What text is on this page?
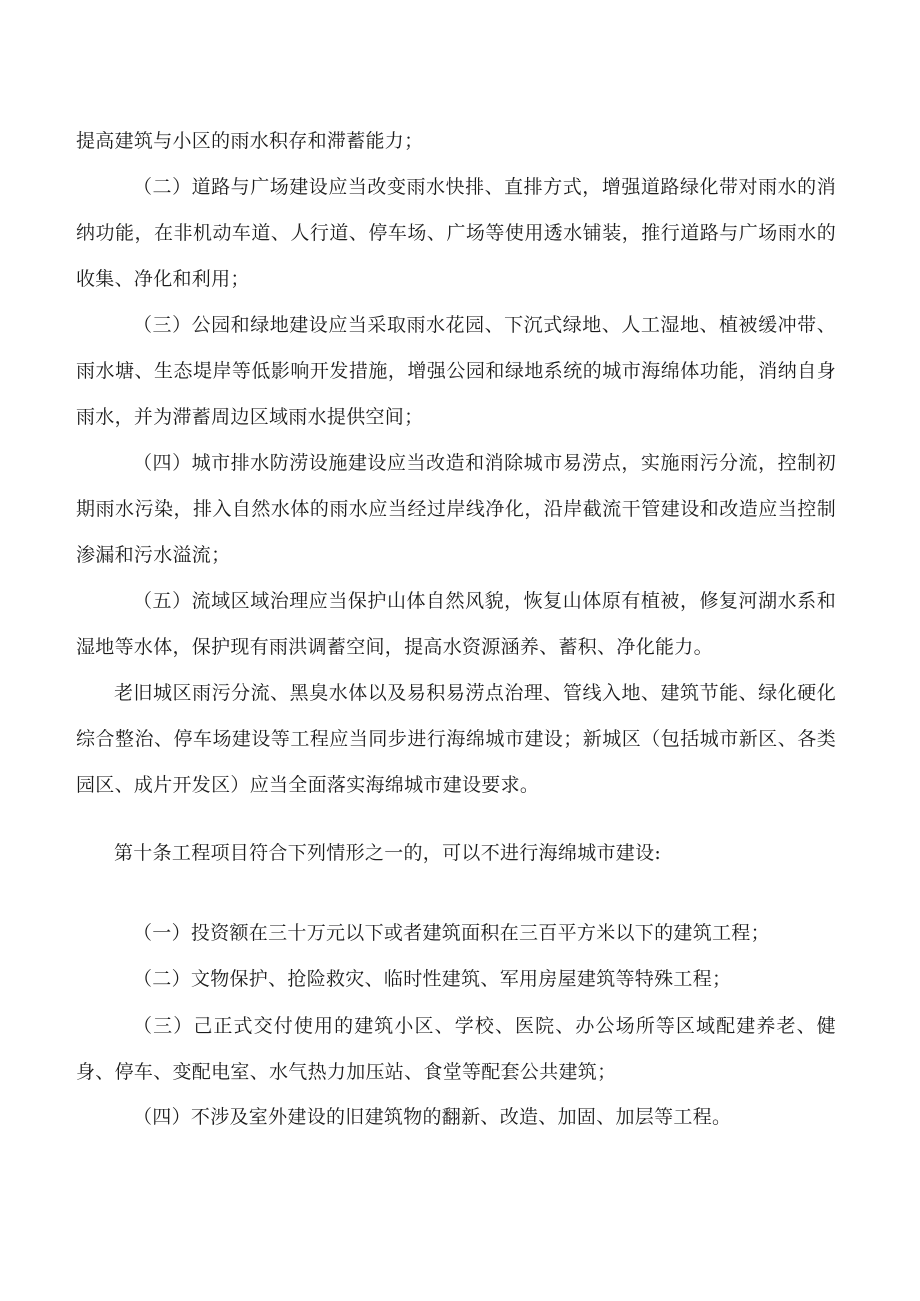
提高建筑与小区的雨水积存和滞蓄能力；

（二）道路与广场建设应当改变雨水快排、直排方式，增强道路绿化带对雨水的消纳功能，在非机动车道、人行道、停车场、广场等使用透水铺装，推行道路与广场雨水的收集、净化和利用；

（三）公园和绿地建设应当采取雨水花园、下沉式绿地、人工湿地、植被缓冲带、雨水塘、生态堤岸等低影响开发措施，增强公园和绿地系统的城市海绵体功能，消纳自身雨水，并为滞蓄周边区域雨水提供空间；

（四）城市排水防涝设施建设应当改造和消除城市易涝点，实施雨污分流，控制初期雨水污染，排入自然水体的雨水应当经过岸线净化，沿岸截流干管建设和改造应当控制渗漏和污水溢流；

（五）流域区域治理应当保护山体自然风貌，恢复山体原有植被，修复河湖水系和湿地等水体，保护现有雨洪调蓄空间，提高水资源涵养、蓄积、净化能力。

老旧城区雨污分流、黑臭水体以及易积易涝点治理、管线入地、建筑节能、绿化硬化综合整治、停车场建设等工程应当同步进行海绵城市建设；新城区（包括城市新区、各类园区、成片开发区）应当全面落实海绵城市建设要求。

第十条工程项目符合下列情形之一的，可以不进行海绵城市建设:

（一）投资额在三十万元以下或者建筑面积在三百平方米以下的建筑工程；

（二）文物保护、抢险救灾、临时性建筑、军用房屋建筑等特殊工程；

（三）己正式交付使用的建筑小区、学校、医院、办公场所等区域配建养老、健身、停车、变配电室、水气热力加压站、食堂等配套公共建筑；

（四）不涉及室外建设的旧建筑物的翻新、改造、加固、加层等工程。
